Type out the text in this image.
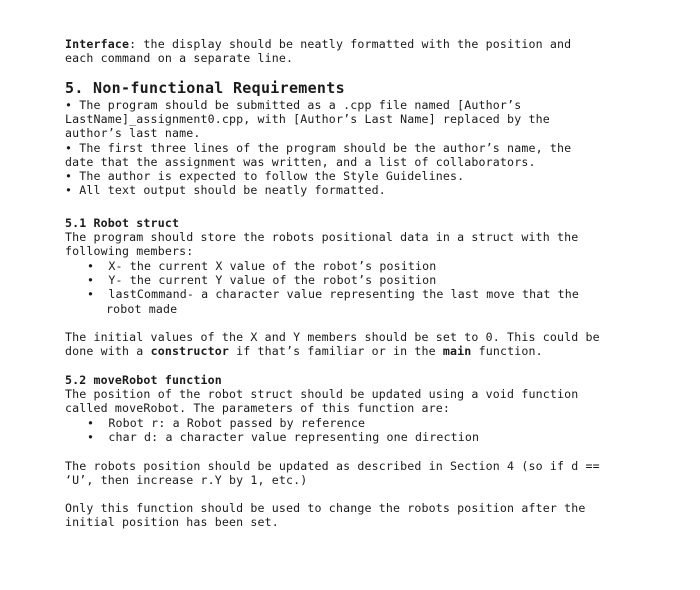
Interface: the display should be neatly formatted with the position and
each command on a separate line.
5. Non-functional Requirements
• The program should be submitted as a .cpp file named [Author’s
LastName]_assignment0.cpp, with [Author’s Last Name] replaced by the
author’s last name.
• The first three lines of the program should be the author’s name, the
date that the assignment was written, and a list of collaborators.
• The author is expected to follow the Style Guidelines.
• All text output should be neatly formatted.
5.1 Robot struct
The program should store the robots positional data in a struct with the
following members:
• X- the current X value of the robot’s position
• Y- the current Y value of the robot’s position
• lastCommand- a character value representing the last move that the
robot made
The initial values of the X and Y members should be set to 0. This could be
done with a constructor if that’s familiar or in the main function.
5.2 moveRobot function
The position of the robot struct should be updated using a void function
called moveRobot. The parameters of this function are:
• Robot r: a Robot passed by reference
• char d: a character value representing one direction
The robots position should be updated as described in Section 4 (so if d ==
‘U’, then increase r.Y by 1, etc.)
Only this function should be used to change the robots position after the
initial position has been set.
